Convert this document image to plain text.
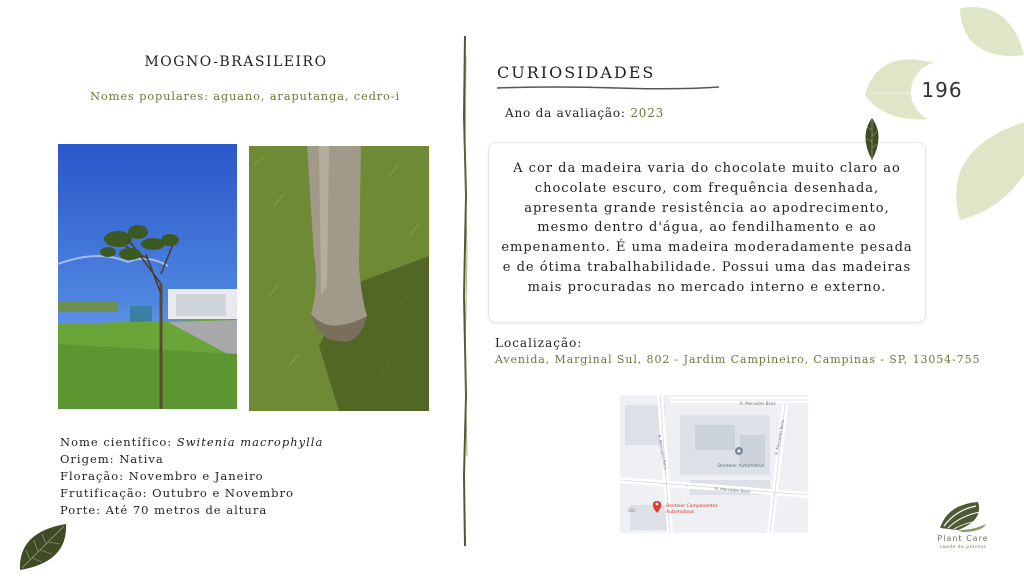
MOGNO-BRASILEIRO
Nomes populares: aguano, araputanga, cedro-i
Nome científico: Switenia macrophylla
Origem: Nativa
Floração: Novembro e Janeiro
Frutificação: Outubro e Novembro
Porte: Até 70 metros de altura
CURIOSIDADES
Ano da avaliação: 2023
A cor da madeira varia do chocolate muito claro ao chocolate escuro, com frequência desenhada, apresenta grande resistência ao apodrecimento, mesmo dentro d'água, ao fendilhamento e ao empenamento. É uma madeira moderadamente pesada e de ótima trabalhabilidade. Possui uma das madeiras mais procuradas no mercado interno e externo.
Localização:
Avenida, Marginal Sul, 802 - Jardim Campineiro, Campinas - SP, 13054-755
R. Mercedes Benz
R. Mercedes Benz	R. Mercedes Benz
R. Mercedes Benz
Benteler Automotive
Benteler Componentes
Automotivos
682
196
Plant Care
saúde de plantas
